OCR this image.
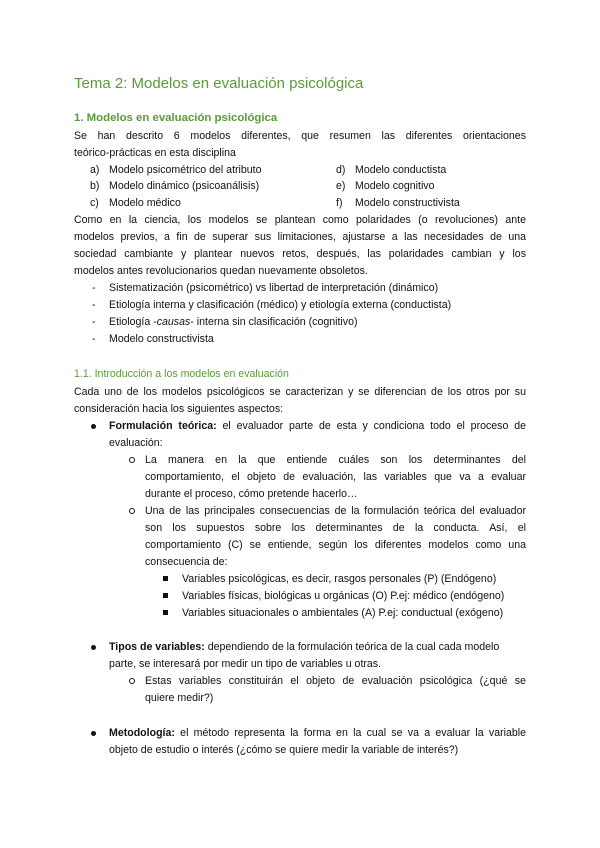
Tema 2: Modelos en evaluación psicológica
1. Modelos en evaluación psicológica
Se han descrito 6 modelos diferentes, que resumen las diferentes orientaciones
teórico-prácticas en esta disciplina
a) Modelo psicométrico del atributo
b) Modelo dinámico (psicoanálisis)
c) Modelo médico
d) Modelo conductista
e) Modelo cognitivo
f) Modelo constructivista
Como en la ciencia, los modelos se plantean como polaridades (o revoluciones) ante
modelos previos, a fin de superar sus limitaciones, ajustarse a las necesidades de una
sociedad cambiante y plantear nuevos retos, después, las polaridades cambian y los
modelos antes revolucionarios quedan nuevamente obsoletos.
- Sistematización (psicométrico) vs libertad de interpretación (dinámico)
- Etiología interna y clasificación (médico) y etiología externa (conductista)
- Etiología -causas- interna sin clasificación (cognitivo)
- Modelo constructivista
1.1. Introducción a los modelos en evaluación
Cada uno de los modelos psicológicos se caracterizan y se diferencian de los otros por su
consideración hacia los siguientes aspectos:
Formulación teórica: el evaluador parte de esta y condiciona todo el proceso de
evaluación:
La manera en la que entiende cuáles son los determinantes del
comportamiento, el objeto de evaluación, las variables que va a evaluar
durante el proceso, cómo pretende hacerlo…
Una de las principales consecuencias de la formulación teórica del evaluador
son los supuestos sobre los determinantes de la conducta. Así, el
comportamiento (C) se entiende, según los diferentes modelos como una
consecuencia de:
Variables psicológicas, es decir, rasgos personales (P) (Endógeno)
Variables físicas, biológicas u orgánicas (O) P.ej: médico (endógeno)
Variables situacionales o ambientales (A) P.ej: conductual (exógeno)
Tipos de variables: dependiendo de la formulación teórica de la cual cada modelo
parte, se interesará por medir un tipo de variables u otras.
Estas variables constituirán el objeto de evaluación psicológica (¿qué se
quiere medir?)
Metodología: el método representa la forma en la cual se va a evaluar la variable
objeto de estudio o interés (¿cómo se quiere medir la variable de interés?)
